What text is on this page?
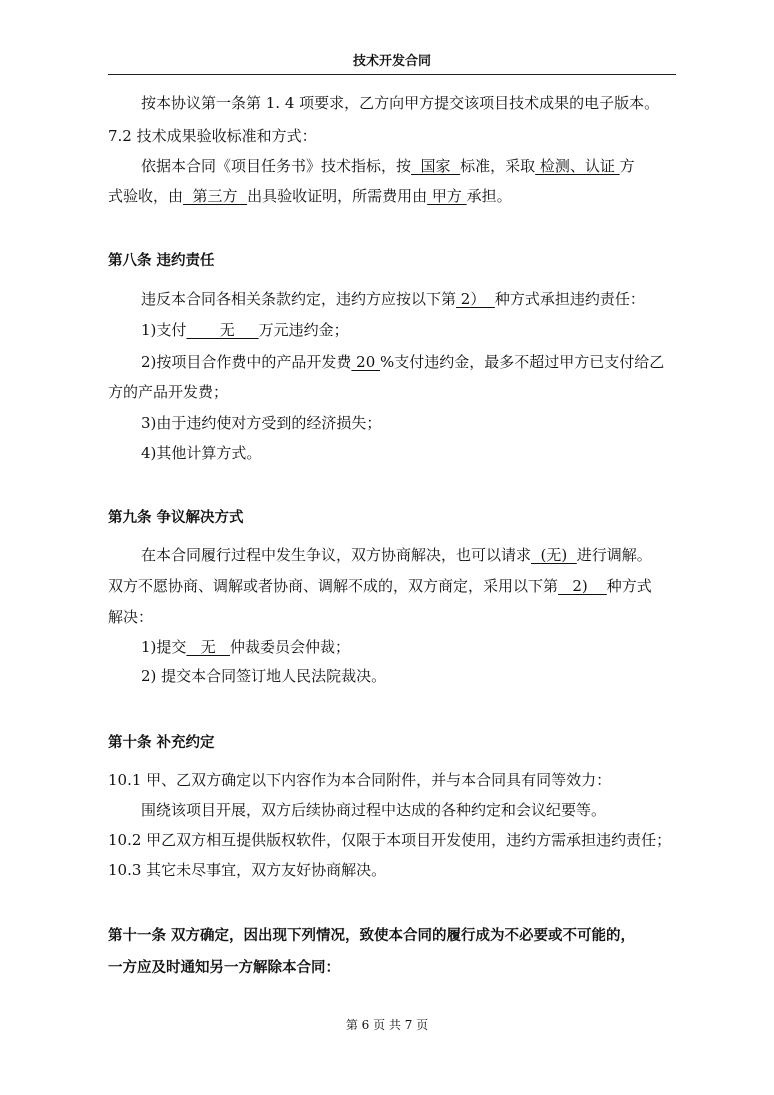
技术开发合同
按本协议第一条第 1. 4 项要求，乙方向甲方提交该项目技术成果的电子版本。
7.2 技术成果验收标准和方式：
依据本合同《项目任务书》技术指标，按  国家  标准，采取 检测、认证 方
式验收，由  第三方  出具验收证明，所需费用由 甲方 承担。
第八条 违约责任
违反本合同各相关条款约定，违约方应按以下第 2）  种方式承担违约责任：
1)支付       无     万元违约金；
2)按项目合作费中的产品开发费 20 %支付违约金，最多不超过甲方已支付给乙
方的产品开发费；
3)由于违约使对方受到的经济损失；
4)其他计算方式。
第九条 争议解决方式
在本合同履行过程中发生争议，双方协商解决，也可以请求  (无)  进行调解。
双方不愿协商、调解或者协商、调解不成的，双方商定，采用以下第   2)    种方式
解决：
1)提交   无   仲裁委员会仲裁；
2) 提交本合同签订地人民法院裁决。
第十条 补充约定
10.1 甲、乙双方确定以下内容作为本合同附件，并与本合同具有同等效力：
围绕该项目开展，双方后续协商过程中达成的各种约定和会议纪要等。
10.2 甲乙双方相互提供版权软件，仅限于本项目开发使用，违约方需承担违约责任；
10.3 其它未尽事宜，双方友好协商解决。
第十一条 双方确定，因出现下列情况，致使本合同的履行成为不必要或不可能的，
一方应及时通知另一方解除本合同：
第 6 页 共 7 页
